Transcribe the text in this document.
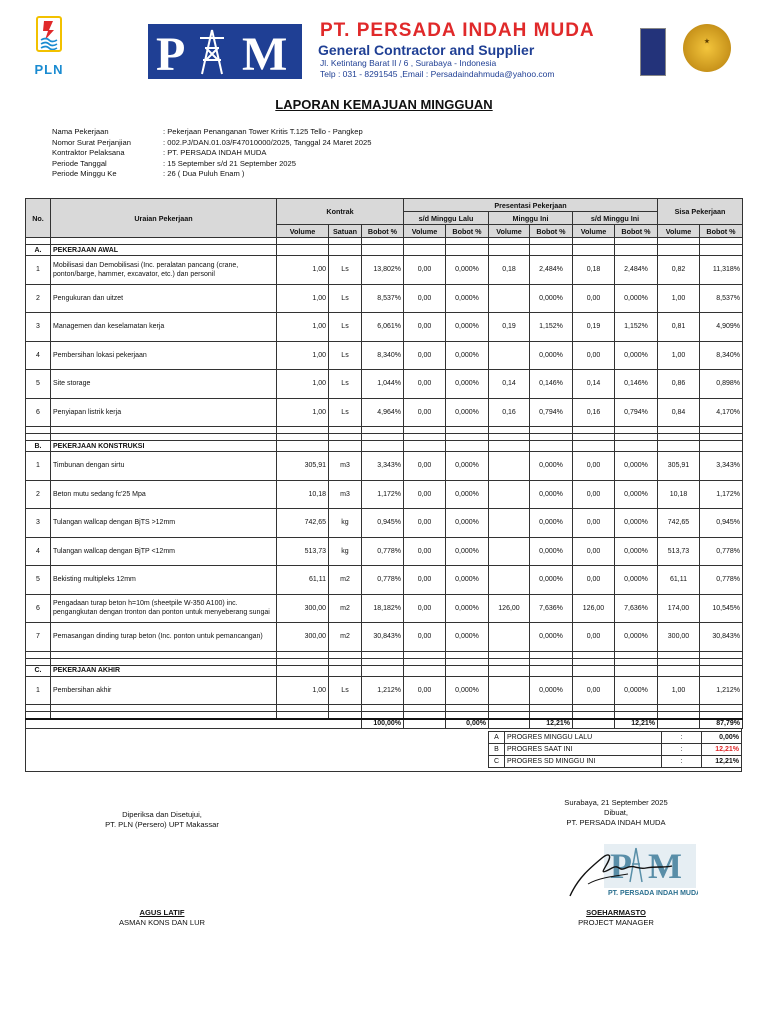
PLN P M PT. PERSADA INDAH MUDA
General Contractor and Supplier
Jl. Ketintang Barat II / 6 , Surabaya - Indonesia
Telp : 031 - 8291545 ,Email : Persadaindahmuda@yahoo.com
★
LAPORAN KEMAJUAN MINGGUAN
Nama Pekerjaan	: Pekerjaan Penanganan Tower Kritis T.125 Tello - Pangkep
Nomor Surat Perjanjian	: 002.PJ/DAN.01.03/F47010000/2025, Tanggal 24 Maret 2025
Kontraktor Pelaksana	: PT. PERSADA INDAH MUDA
Periode Tanggal	: 15 September s/d 21 September 2025
Periode Minggu Ke	: 26 ( Dua Puluh Enam )
No.	Uraian Pekerjaan	Kontrak			Presentasi Pekerjaan						Sisa Pekerjaan	
					s/d Minggu Lalu		Minggu Ini		s/d Minggu Ini			
		Volume	Satuan	Bobot %	Volume	Bobot %	Volume	Bobot %	Volume	Bobot %	Volume	Bobot %

A.	PEKERJAAN AWAL											
1	Mobilisasi dan Demobilisasi (Inc. peralatan pancang (crane, ponton/barge, hammer, excavator, etc.) dan personil	1,00	Ls	13,802%	0,00	0,000%	0,18	2,484%	0,18	2,484%	0,82	11,318%
2	Pengukuran dan uitzet	1,00	Ls	8,537%	0,00	0,000%		0,000%	0,00	0,000%	1,00	8,537%
3	Managemen dan keselamatan kerja	1,00	Ls	6,061%	0,00	0,000%	0,19	1,152%	0,19	1,152%	0,81	4,909%
4	Pembersihan lokasi pekerjaan	1,00	Ls	8,340%	0,00	0,000%		0,000%	0,00	0,000%	1,00	8,340%
5	Site storage	1,00	Ls	1,044%	0,00	0,000%	0,14	0,146%	0,14	0,146%	0,86	0,898%
6	Penyiapan listrik kerja	1,00	Ls	4,964%	0,00	0,000%	0,16	0,794%	0,16	0,794%	0,84	4,170%

B.	PEKERJAAN KONSTRUKSI											
1	Timbunan dengan sirtu	305,91	m3	3,343%	0,00	0,000%		0,000%	0,00	0,000%	305,91	3,343%
2	Beton mutu sedang fc'25 Mpa	10,18	m3	1,172%	0,00	0,000%		0,000%	0,00	0,000%	10,18	1,172%
3	Tulangan wallcap dengan BjTS >12mm	742,65	kg	0,945%	0,00	0,000%		0,000%	0,00	0,000%	742,65	0,945%
4	Tulangan wallcap dengan BjTP <12mm	513,73	kg	0,778%	0,00	0,000%		0,000%	0,00	0,000%	513,73	0,778%
5	Bekisting multipleks 12mm	61,11	m2	0,778%	0,00	0,000%		0,000%	0,00	0,000%	61,11	0,778%
6	Pengadaan turap beton h=10m (sheetpile W-350 A100) inc. pengangkutan dengan tronton dan ponton untuk menyeberang sungai	300,00	m2	18,182%	0,00	0,000%	126,00	7,636%	126,00	7,636%	174,00	10,545%
7	Pemasangan dinding turap beton (Inc. ponton untuk pemancangan)	300,00	m2	30,843%	0,00	0,000%		0,000%	0,00	0,000%	300,00	30,843%

C.	PEKERJAAN AKHIR											
1	Pembersihan akhir	1,00	Ls	1,212%	0,00	0,000%		0,000%	0,00	0,000%	1,00	1,212%

				100,00%		0,00%		12,21%		12,21%		87,79%
A	PROGRES MINGGU LALU	:	0,00%
B	PROGRES SAAT INI	:	12,21%
C	PROGRES SD MINGGU INI	:	12,21%
Diperiksa dan Disetujui,
PT. PLN (Persero) UPT Makassar
AGUS LATIF
ASMAN KONS DAN LUR
Surabaya, 21 September 2025
Dibuat,
PT. PERSADA INDAH MUDA
P M
PT. PERSADA INDAH MUDA
SOEHARMASTO
PROJECT MANAGER
